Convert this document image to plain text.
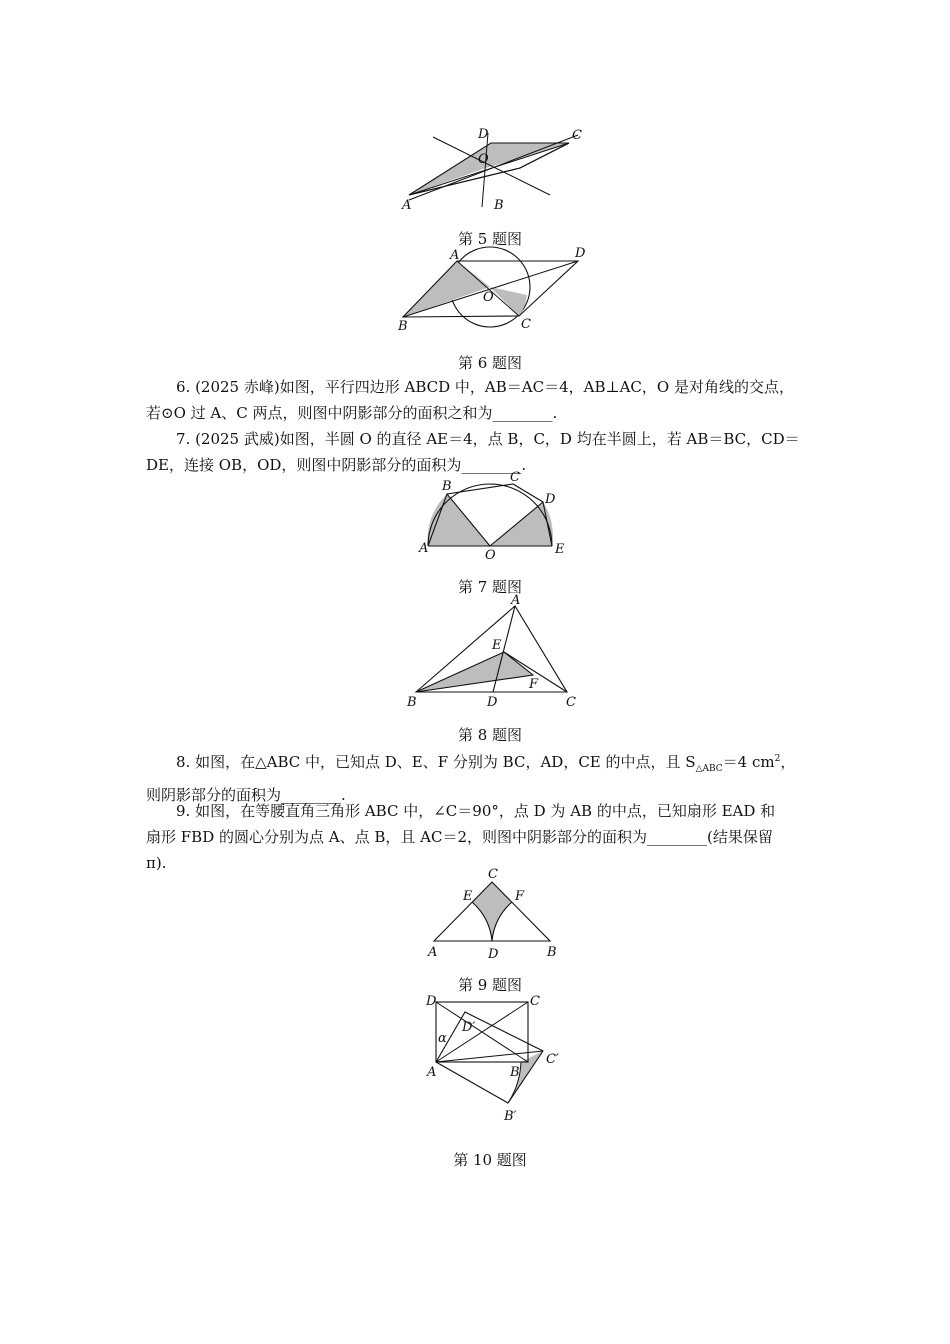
A	B
C
D
O
第 5 题图
A
B	C
D
O
第 6 题图

6. (2025 赤峰)如图，平行四边形 ABCD 中，AB＝AC＝4，AB⊥AC，O 是对角线的交点，

若⊙O 过 A、C 两点，则图中阴影部分的面积之和为________.

7. (2025 武威)如图，半圆 O 的直径 AE＝4，点 B，C，D 均在半圆上，若 AB＝BC，CD＝

DE，连接 OB，OD，则图中阴影部分的面积为________.

A
B
C
D
E
O
第 7 题图
A
B	C
D
E
F
第 8 题图

8. 如图，在△ABC 中，已知点 D、E、F 分别为 BC，AD，CE 的中点，且 $S_{\triangle ABC}=4$ $cm^2$，

则阴影部分的面积为________.

9. 如图，在等腰直角三角形 ABC 中，∠C＝90°，点 D 为 AB 的中点，已知扇形 EAD 和

扇形 FBD 的圆心分别为点 A、点 B，且 AC＝2，则图中阴影部分的面积为________(结果保留

π).

C
E	F
A	D	B
第 9 题图
D	C
A	B
C′
B′
D′
α
第 10 题图
